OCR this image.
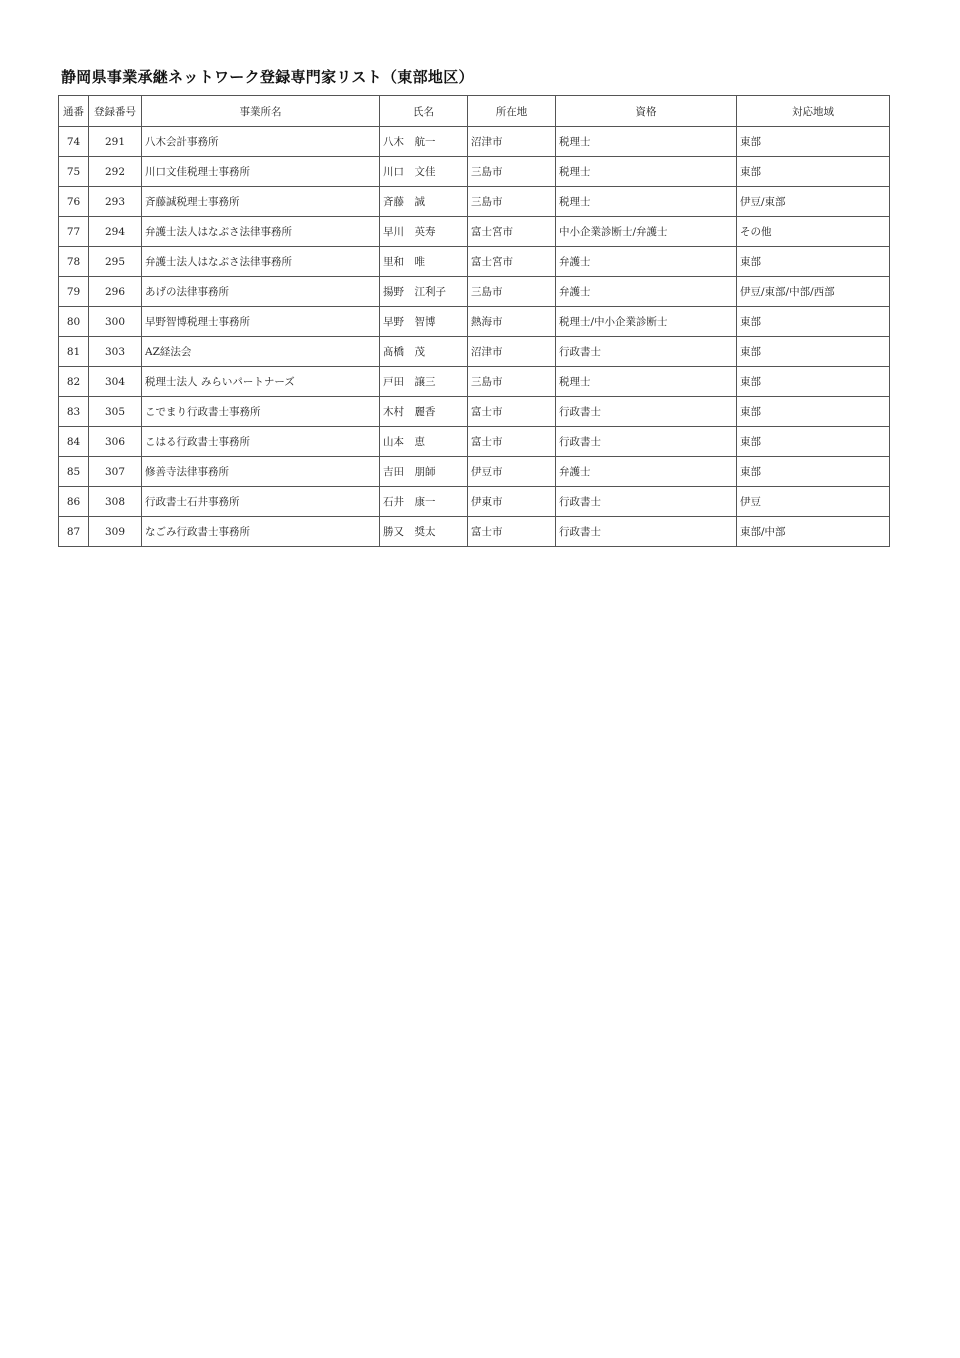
静岡県事業承継ネットワーク登録専門家リスト（東部地区）
通番	登録番号	事業所名	氏名	所在地	資格	対応地域
74	291	八木会計事務所	八木　航一	沼津市	税理士	東部
75	292	川口文佳税理士事務所	川口　文佳	三島市	税理士	東部
76	293	斉藤誠税理士事務所	斉藤　誠	三島市	税理士	伊豆/東部
77	294	弁護士法人はなぶさ法律事務所	早川　英寿	富士宮市	中小企業診断士/弁護士	その他
78	295	弁護士法人はなぶさ法律事務所	里和　唯	富士宮市	弁護士	東部
79	296	あげの法律事務所	揚野　江利子	三島市	弁護士	伊豆/東部/中部/西部
80	300	早野智博税理士事務所	早野　智博	熱海市	税理士/中小企業診断士	東部
81	303	AZ経法会	髙橋　茂	沼津市	行政書士	東部
82	304	税理士法人 みらいパートナーズ	戸田　譲三	三島市	税理士	東部
83	305	こでまり行政書士事務所	木村　麗香	富士市	行政書士	東部
84	306	こはる行政書士事務所	山本　恵	富士市	行政書士	東部
85	307	修善寺法律事務所	吉田　朋師	伊豆市	弁護士	東部
86	308	行政書士石井事務所	石井　康一	伊東市	行政書士	伊豆
87	309	なごみ行政書士事務所	勝又　奨太	富士市	行政書士	東部/中部
